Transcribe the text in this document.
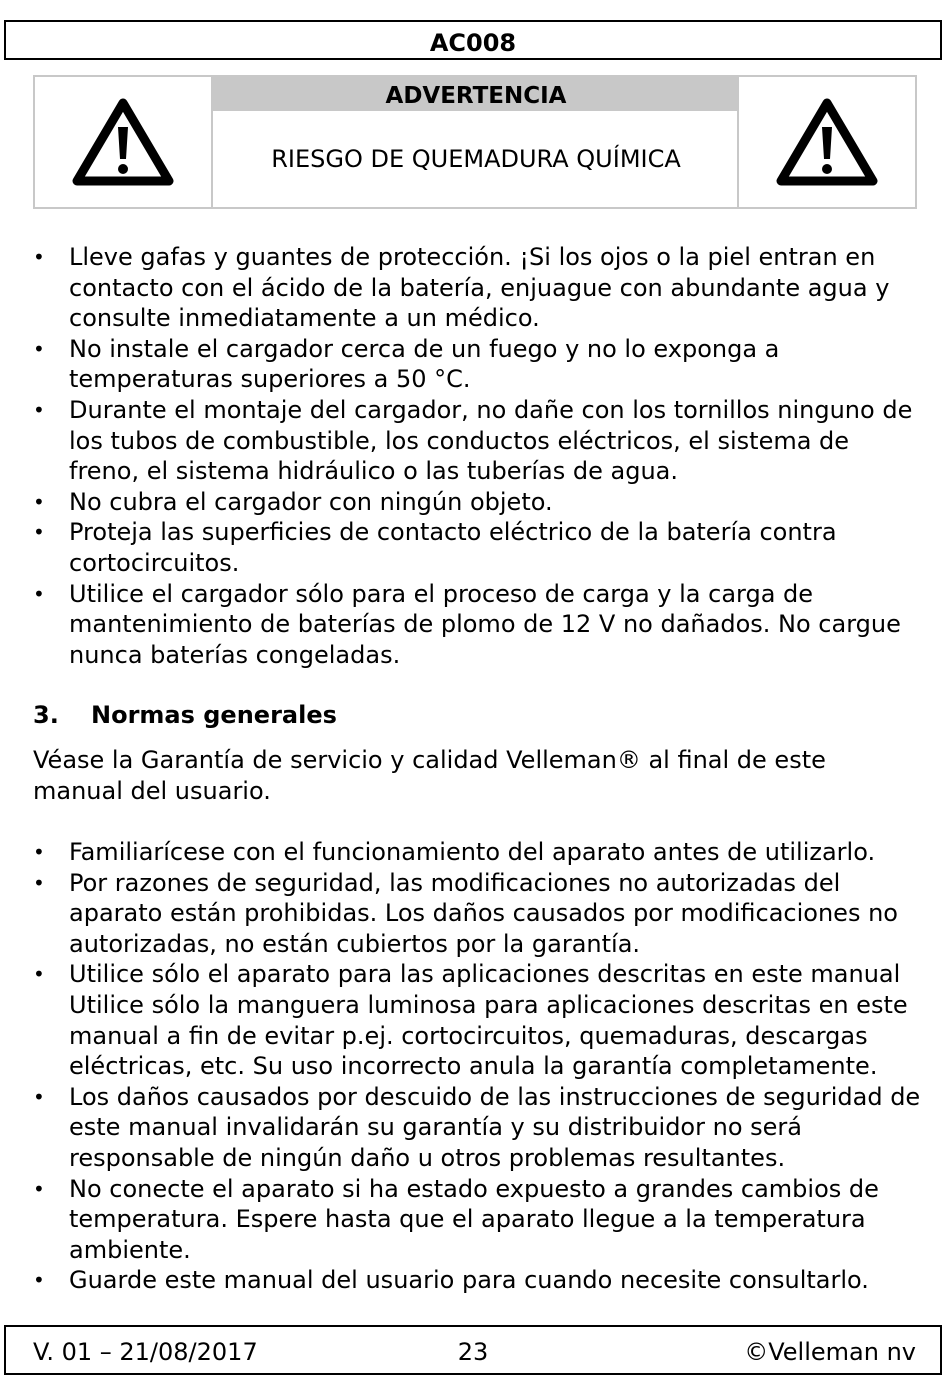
AC008
ADVERTENCIA
RIESGO DE QUEMADURA QUÍMICA
• Lleve gafas y guantes de protección. ¡Si los ojos o la piel entran en contacto con el ácido de la batería, enjuague con abundante agua y consulte inmediatamente a un médico.
• No instale el cargador cerca de un fuego y no lo exponga a temperaturas superiores a 50 °C.
• Durante el montaje del cargador, no dañe con los tornillos ninguno de los tubos de combustible, los conductos eléctricos, el sistema de freno, el sistema hidráulico o las tuberías de agua.
• No cubra el cargador con ningún objeto.
• Proteja las superficies de contacto eléctrico de la batería contra cortocircuitos.
• Utilice el cargador sólo para el proceso de carga y la carga de mantenimiento de baterías de plomo de 12 V no dañados. No cargue nunca baterías congeladas.
3. Normas generales
Véase la Garantía de servicio y calidad Velleman® al final de este manual del usuario.
• Familiarícese con el funcionamiento del aparato antes de utilizarlo.
• Por razones de seguridad, las modificaciones no autorizadas del aparato están prohibidas. Los daños causados por modificaciones no autorizadas, no están cubiertos por la garantía.
• Utilice sólo el aparato para las aplicaciones descritas en este manual Utilice sólo la manguera luminosa para aplicaciones descritas en este manual a fin de evitar p.ej. cortocircuitos, quemaduras, descargas eléctricas, etc. Su uso incorrecto anula la garantía completamente.
• Los daños causados por descuido de las instrucciones de seguridad de este manual invalidarán su garantía y su distribuidor no será responsable de ningún daño u otros problemas resultantes.
• No conecte el aparato si ha estado expuesto a grandes cambios de temperatura. Espere hasta que el aparato llegue a la temperatura ambiente.
• Guarde este manual del usuario para cuando necesite consultarlo.
V. 01 – 21/08/2017	23	©Velleman nv
